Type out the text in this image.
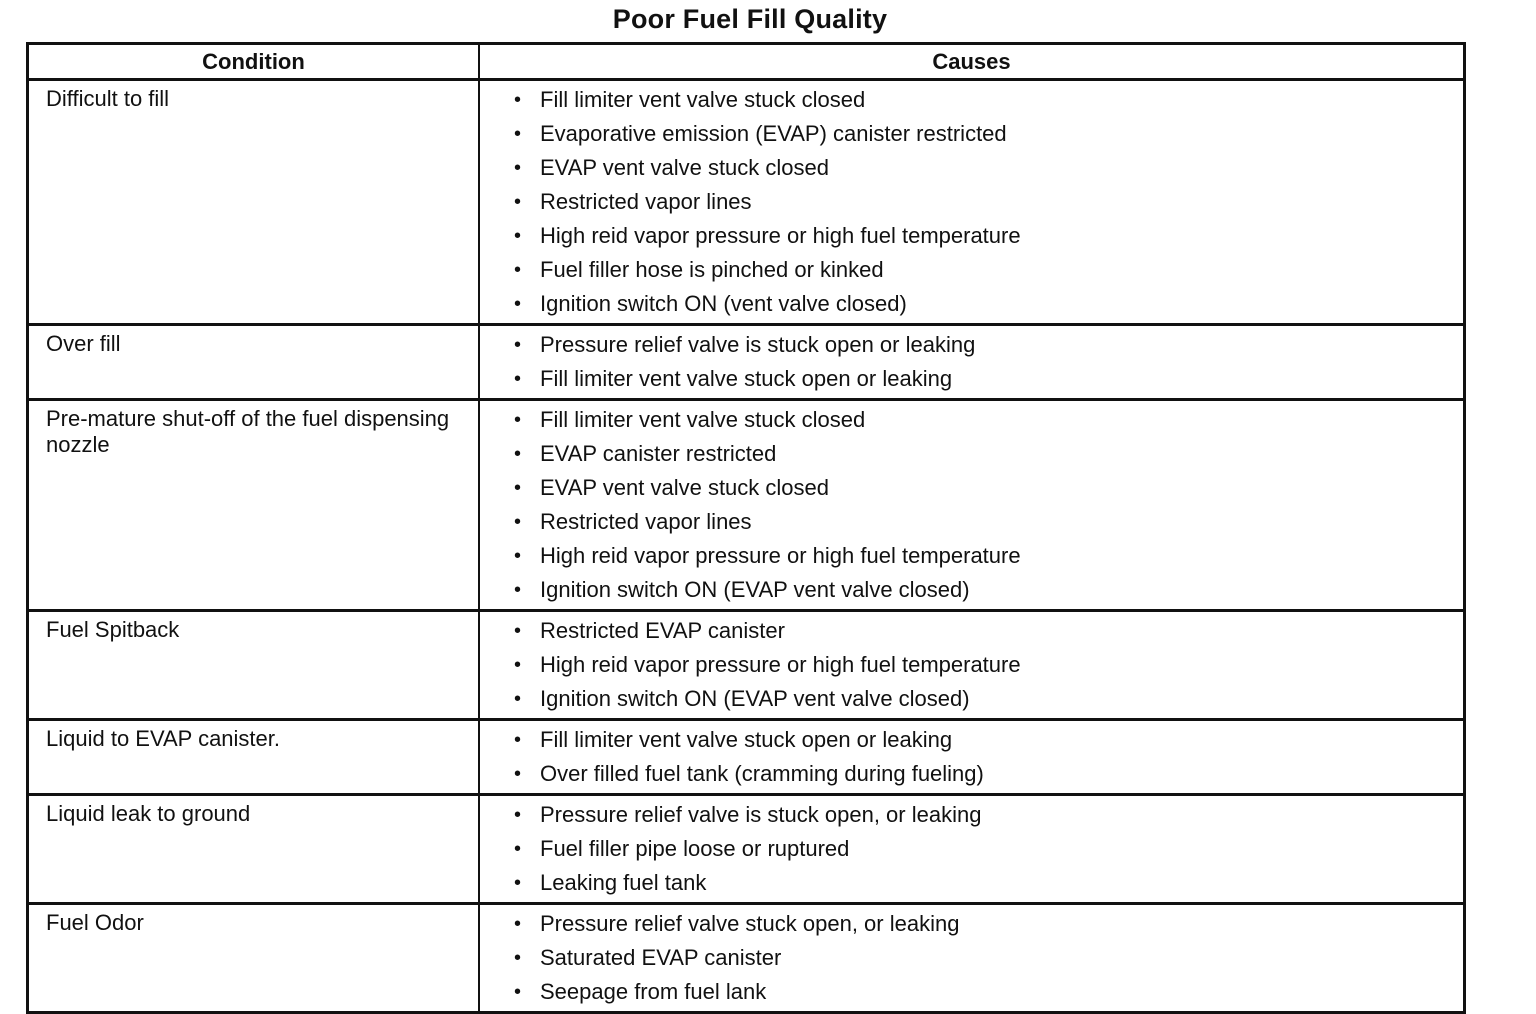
Poor Fuel Fill Quality
Condition	Causes
Difficult to fill	• Fill limiter vent valve stuck closed
• Evaporative emission (EVAP) canister restricted
• EVAP vent valve stuck closed
• Restricted vapor lines
• High reid vapor pressure or high fuel temperature
• Fuel filler hose is pinched or kinked
• Ignition switch ON (vent valve closed)
Over fill	• Pressure relief valve is stuck open or leaking
• Fill limiter vent valve stuck open or leaking
Pre-mature shut-off of the fuel dispensing nozzle
• Fill limiter vent valve stuck closed
• EVAP canister restricted
• EVAP vent valve stuck closed
• Restricted vapor lines
• High reid vapor pressure or high fuel temperature
• Ignition switch ON (EVAP vent valve closed)
Fuel Spitback	• Restricted EVAP canister
• High reid vapor pressure or high fuel temperature
• Ignition switch ON (EVAP vent valve closed)
Liquid to EVAP canister.	• Fill limiter vent valve stuck open or leaking
• Over filled fuel tank (cramming during fueling)
Liquid leak to ground	• Pressure relief valve is stuck open, or leaking
• Fuel filler pipe loose or ruptured
• Leaking fuel tank
Fuel Odor	• Pressure relief valve stuck open, or leaking
• Saturated EVAP canister
• Seepage from fuel lank
